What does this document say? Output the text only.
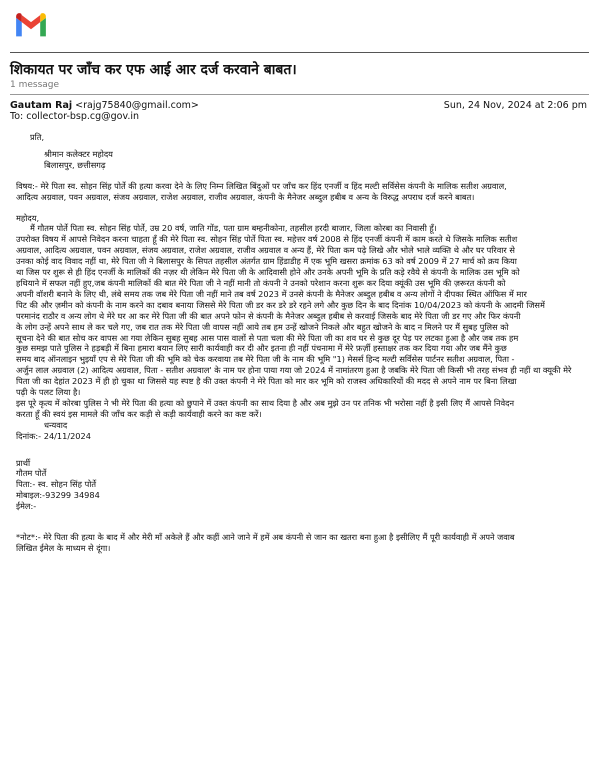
शिकायत पर जाँच कर एफ आई आर दर्ज करवाने बाबत।
1 message
Gautam Raj <rajg75840@gmail.com>
To: collector-bsp.cg@gov.in
Sun, 24 Nov, 2024 at 2:06 pm

प्रति,

श्रीमान कलेक्टर महोदय

बिलासपुर, छत्तीसगढ़

विषय:- मेरे पिता स्व. सोहन सिंह पोर्ते की हत्या करवा देने के लिए निम्न लिखित बिंदुओं पर जाँच कर हिंद एनर्जी व हिंद मल्टी सर्विसेस कंपनी के मालिक सतीश अग्रवाल,

आदित्य अग्रवाल, पवन अग्रवाल, संजय अग्रवाल, राजेश अग्रवाल, राजीव अग्रवाल, कंपनी के मैनेजर अब्दुल हबीब व अन्य के विरुद्ध अपराध दर्ज करने बाबत।

महोदय,

मैं गौतम पोर्ते पिता स्व. सोहन सिंह पोर्ते, उम्र 20 वर्ष, जाति गोंड, पता ग्राम बम्हनीकोना, तहसील हरदी बाजार, जिला कोरबा का निवासी हूँ।

उपरोक्त विषय में आपसे निवेदन करना चाहता हूँ की मेरे पिता स्व. सोहन सिंह पोर्ते पिता स्व. महेत्तर वर्ष 2008 से हिंद एनर्जी कंपनी में काम करते थे जिसके मालिक सतीश

अग्रवाल, आदित्य अग्रवाल, पवन अग्रवाल, संजय अग्रवाल, राजेश अग्रवाल, राजीव अग्रवाल व अन्य हैं, मेरे पिता कम पढ़े लिखे और भोले भाले व्यक्ति थे और घर परिवार से

उनका कोई वाद विवाद नहीं था, मेरे पिता जी ने बिलासपुर के सिपत तहसील अंतर्गत ग्राम हिंडाडीह में एक भूमि खसरा क्रमांक 63 को वर्ष 2009 में 27 मार्च को क्रय किया

था जिस पर शुरू से ही हिंद एनर्जी के मालिकों की नज़र थी लेकिन मेरे पिता जी के आदिवासी होने और उनके अपनी भूमि के प्रति कड़े रवैये से कंपनी के मालिक उस भूमि को

हथियाने में सफल नहीं हुए,जब कंपनी मालिकों की बात मेरे पिता जी ने नहीं मानी तो कंपनी ने उनको परेशान करना शुरू कर दिया क्यूंकी उस भूमि की ज़रूरत कंपनी को

अपनी वॉशरी बनाने के लिए थी, लंबे समय तक जब मेरे पिता जी नहीं माने तब वर्ष 2023 में उनसे कंपनी के मैनेजर अब्दुल हबीब व अन्य लोगों ने दीपका स्थित ऑफिस में मार

पिट की और ज़मीन को कंपनी के नाम करने का दबाव बनाया जिससे मेरे पिता जी डर कर डरे डरे रहने लगे और कुछ दिन के बाद दिनांक 10/04/2023 को कंपनी के आदमी जिसमें

परमानंद राठौर व अन्य लोग थे मेरे घर आ कर मेरे पिता जी की बात अपने फोन से कंपनी के मैनेजर अब्दुल हबीब से करवाई जिसके बाद मेरे पिता जी डर गए और फिर कंपनी

के लोग उन्हें अपने साथ ले कर चले गए, जब रात तक मेरे पिता जी वापस नहीं आये तब हम उन्हें खोजने निकले और बहुत खोजने के बाद न मिलने पर मैं सुबह पुलिस को

सूचना देने की बात सोच कर वापस आ गया लेकिन सुबह सुबह आस पास वालों से पता चला की मेरे पिता जी का शव घर से कुछ दूर पेड़ पर लटका हुआ है और जब तक हम

कुछ समझ पाते पुलिस ने हड़बड़ी में बिना हमारा बयान लिए सारी कार्यवाही कर दी और इतना ही नहीं पंचनामा में मेरे फ़र्ज़ी हस्ताक्षर तक कर दिया गया और जब मैंने कुछ

समय बाद ऑनलाइन भुइयाँ एप से मेरे पिता जी की भूमि को चेक करवाया तब मेरे पिता जी के नाम की भूमि "1) मेसर्स हिन्द मल्टी सर्विसेस पार्टनर सतीश अग्रवाल, पिता -

अर्जुन लाल अग्रवाल (2) आदित्य अग्रवाल, पिता - सतीश अग्रवाल' के नाम पर होना पाया गया जो 2024 में नामांतरण हुआ है जबकि मेरे पिता जी किसी भी तरह संभव ही नहीं था क्यूकी मेरे

पिता जी का देहांत 2023 में ही हो चुका था जिससे यह स्पष्ट है की उक्त कंपनी ने मेरे पिता को मार कर भूमि को राजस्व अधिकारियों की मदद से अपने नाम पर बिना लिखा

पढ़ी के पलट लिया है।

इस पूरे कृत्य में कोरबा पुलिस ने भी मेरे पिता की हत्या को छुपाने में उक्त कंपनी का साथ दिया है और अब मुझे उन पर तनिक भी भरोसा नहीं है इसी लिए मैं आपसे निवेदन

करता हूँ की स्वयं इस मामले की जाँच कर कड़ी से कड़ी कार्यवाही करने का कष्ट करें।

धन्यवाद

दिनांक:- 24/11/2024

प्रार्थी

गौतम पोर्ते

पिता:- स्व. सोहन सिंह पोर्ते

मोबाइल:-93299 34984

ईमेल:-

*नोट*:- मेरे पिता की हत्या के बाद में और मेरी माँ अकेले हैं और कहीं आने जाने में हमें अब कंपनी से जान का खतरा बना हुआ है इसीलिए मैं पूरी कार्यवाही में अपने जवाब

लिखित ईमेल के माध्यम से दूंगा।
